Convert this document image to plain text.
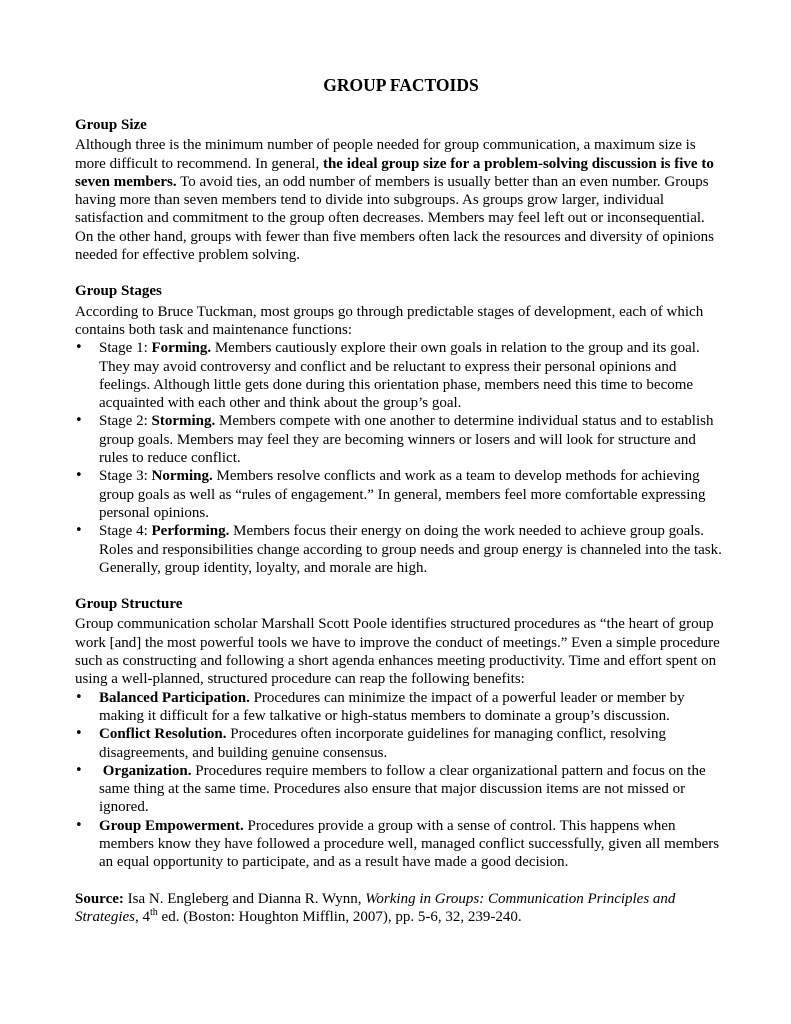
GROUP FACTOIDS
Group Size

Although three is the minimum number of people needed for group communication, a maximum size is more difficult to recommend. In general, the ideal group size for a problem-solving discussion is five to seven members. To avoid ties, an odd number of members is usually better than an even number. Groups having more than seven members tend to divide into subgroups. As groups grow larger, individual satisfaction and commitment to the group often decreases. Members may feel left out or inconsequential. On the other hand, groups with fewer than five members often lack the resources and diversity of opinions needed for effective problem solving.

Group Stages

According to Bruce Tuckman, most groups go through predictable stages of development, each of which contains both task and maintenance functions:

• Stage 1: Forming. Members cautiously explore their own goals in relation to the group and its goal. They may avoid controversy and conflict and be reluctant to express their personal opinions and feelings. Although little gets done during this orientation phase, members need this time to become acquainted with each other and think about the group’s goal.
• Stage 2: Storming. Members compete with one another to determine individual status and to establish group goals. Members may feel they are becoming winners or losers and will look for structure and rules to reduce conflict.
• Stage 3: Norming. Members resolve conflicts and work as a team to develop methods for achieving group goals as well as “rules of engagement.” In general, members feel more comfortable expressing personal opinions.
• Stage 4: Performing. Members focus their energy on doing the work needed to achieve group goals. Roles and responsibilities change according to group needs and group energy is channeled into the task. Generally, group identity, loyalty, and morale are high.
Group Structure

Group communication scholar Marshall Scott Poole identifies structured procedures as “the heart of group work [and] the most powerful tools we have to improve the conduct of meetings.” Even a simple procedure such as constructing and following a short agenda enhances meeting productivity. Time and effort spent on using a well-planned, structured procedure can reap the following benefits:

• Balanced Participation. Procedures can minimize the impact of a powerful leader or member by making it difficult for a few talkative or high-status members to dominate a group’s discussion.
• Conflict Resolution. Procedures often incorporate guidelines for managing conflict, resolving disagreements, and building genuine consensus.
• Organization. Procedures require members to follow a clear organizational pattern and focus on the same thing at the same time. Procedures also ensure that major discussion items are not missed or ignored.
• Group Empowerment. Procedures provide a group with a sense of control. This happens when members know they have followed a procedure well, managed conflict successfully, given all members an equal opportunity to participate, and as a result have made a good decision.

Source: Isa N. Engleberg and Dianna R. Wynn, Working in Groups: Communication Principles and Strategies, 4th ed. (Boston: Houghton Mifflin, 2007), pp. 5-6, 32, 239-240.
